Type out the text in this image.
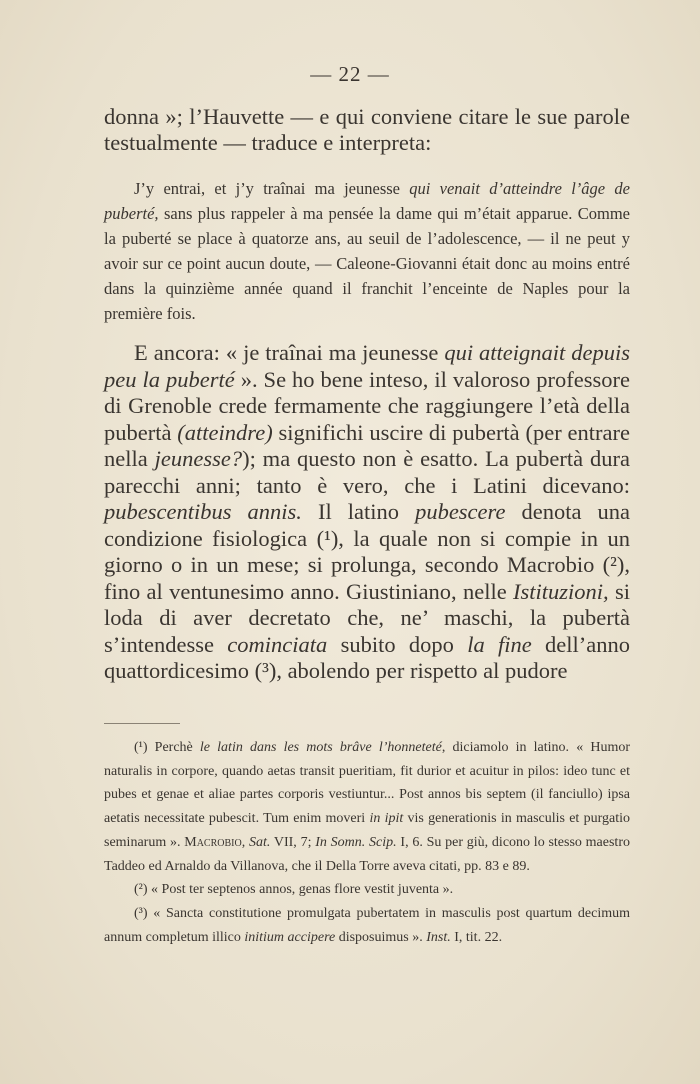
— 22 —
donna »; l’Hauvette — e qui conviene citare le sue parole testualmente — traduce e interpreta:
J’y entrai, et j’y traînai ma jeunesse qui venait d’atteindre l’âge de puberté, sans plus rappeler à ma pensée la dame qui m’était apparue. Comme la puberté se place à quatorze ans, au seuil de l’adolescence, — il ne peut y avoir sur ce point aucun doute, — Caleone-Giovanni était donc au moins entré dans la quinzième année quand il franchit l’enceinte de Naples pour la première fois.
E ancora: « je traînai ma jeunesse qui atteignait depuis peu la puberté ». Se ho bene inteso, il valoroso professore di Grenoble crede fermamente che raggiungere l’età della pubertà (atteindre) significhi uscire di pubertà (per entrare nella jeunesse?); ma questo non è esatto. La pubertà dura parecchi anni; tanto è vero, che i Latini dicevano: pubescentibus annis. Il latino pubescere denota una condizione fisiologica (¹), la quale non si compie in un giorno o in un mese; si prolunga, secondo Macrobio (²), fino al ventunesimo anno. Giustiniano, nelle Istituzioni, si loda di aver decretato che, ne’ maschi, la pubertà s’intendesse cominciata subito dopo la fine dell’anno quattordicesimo (³), abolendo per rispetto al pudore

(¹) Perchè le latin dans les mots brâve l’honneteté, diciamolo in latino. « Humor naturalis in corpore, quando aetas transit pueritiam, fit durior et acuitur in pilos: ideo tunc et pubes et genae et aliae partes corporis vestiuntur... Post annos bis septem (il fanciullo) ipsa aetatis necessitate pubescit. Tum enim moveri in ipit vis generationis in masculis et purgatio seminarum ». Macrobio, Sat. VII, 7; In Somn. Scip. I, 6. Su per giù, dicono lo stesso maestro Taddeo ed Arnaldo da Villanova, che il Della Torre aveva citati, pp. 83 e 89.

(²) « Post ter septenos annos, genas flore vestit juventa ».

(³) « Sancta constitutione promulgata pubertatem in masculis post quartum decimum annum completum illico initium accipere disposuimus ». Inst. I, tit. 22.
